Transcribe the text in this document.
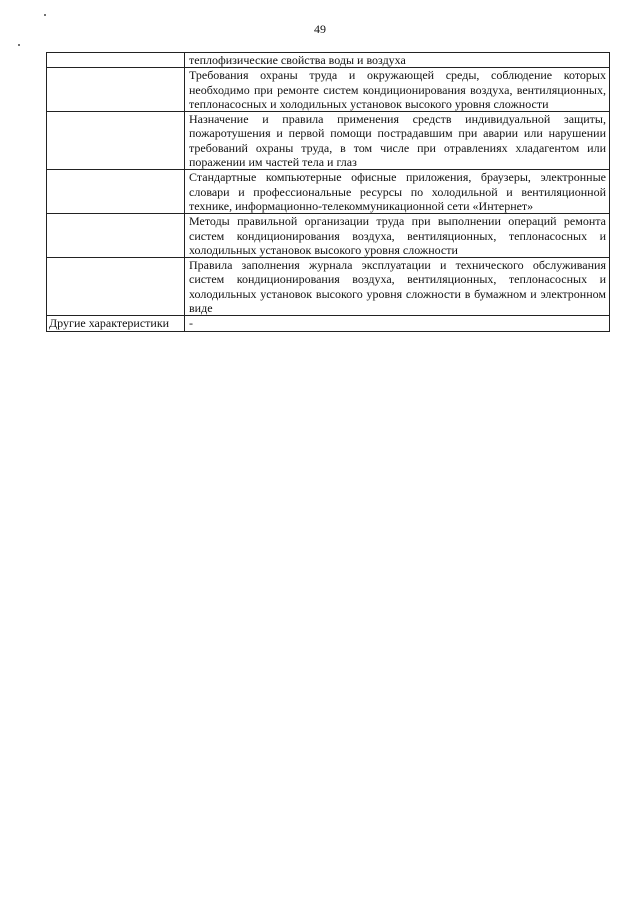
49
	теплофизические свойства воды и воздуха
	Требования охраны труда и окружающей среды, соблюдение которых необходимо при ремонте систем кондиционирования воздуха, вентиляционных, теплонасосных и холодильных установок высокого уровня сложности
	Назначение и правила применения средств индивидуальной защиты, пожаротушения и первой помощи пострадавшим при аварии или нарушении требований охраны труда, в том числе при отравлениях хладагентом или поражении им частей тела и глаз
	Стандартные компьютерные офисные приложения, браузеры, электронные словари и профессиональные ресурсы по холодильной и вентиляционной технике, информационно-телекоммуникационной сети «Интернет»
	Методы правильной организации труда при выполнении операций ремонта систем кондиционирования воздуха, вентиляционных, теплонасосных и холодильных установок высокого уровня сложности
	Правила заполнения журнала эксплуатации и технического обслуживания систем кондиционирования воздуха, вентиляционных, теплонасосных и холодильных установок высокого уровня сложности в бумажном и электронном виде
Другие характеристики	-
